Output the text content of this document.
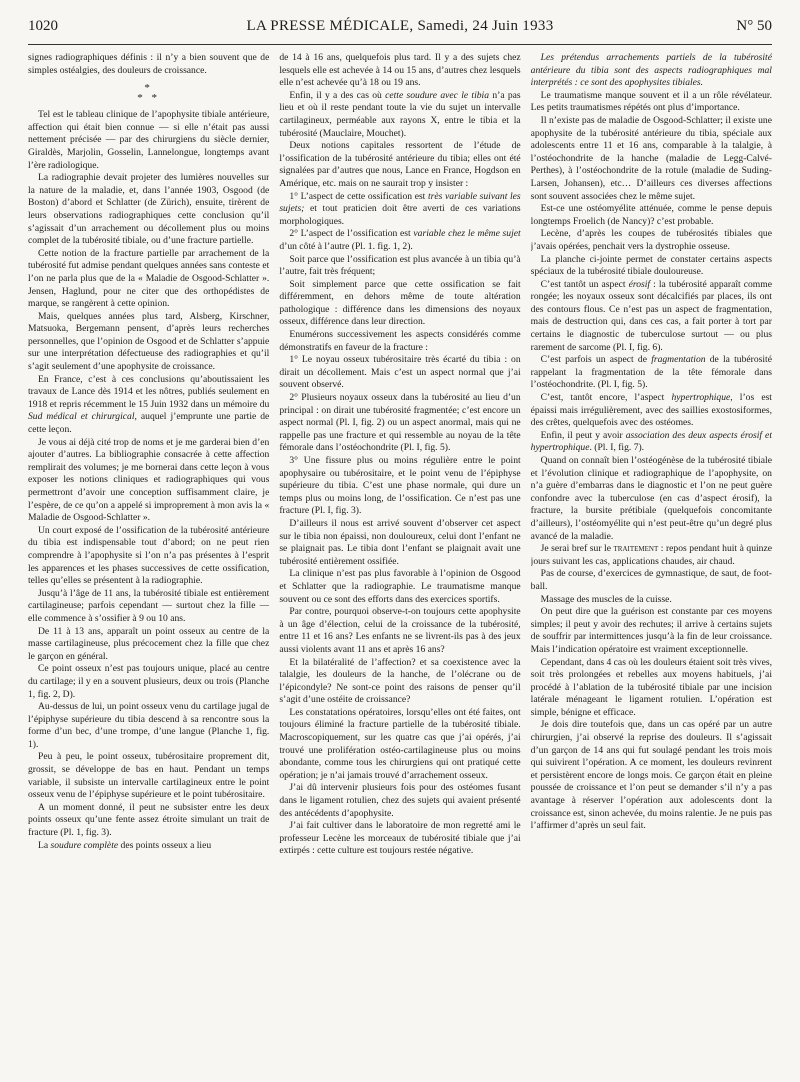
1020	LA PRESSE MÉDICALE, Samedi, 24 Juin 1933	N° 50

signes radiographiques définis : il n’y a bien souvent que de simples ostéalgies, des douleurs de croissance.

*
* *

Tel est le tableau clinique de l’apophysite tibiale antérieure, affection qui était bien connue — si elle n’était pas aussi nettement précisée — par des chirurgiens du siècle dernier, Giraldès, Marjolin, Gosselin, Lannelongue, longtemps avant l’ère radiologique.

La radiographie devait projeter des lumières nouvelles sur la nature de la maladie, et, dans l’année 1903, Osgood (de Boston) d’abord et Schlatter (de Zürich), ensuite, tirèrent de leurs observations radiographiques cette conclusion qu’il s’agissait d’un arrachement ou décollement plus ou moins complet de la tubérosité tibiale, ou d’une fracture partielle.

Cette notion de la fracture partielle par arrachement de la tubérosité fut admise pendant quelques années sans conteste et l’on ne parla plus que de la « Maladie de Osgood-Schlatter ». Jensen, Haglund, pour ne citer que des orthopédistes de marque, se rangèrent à cette opinion.

Mais, quelques années plus tard, Alsberg, Kirschner, Matsuoka, Bergemann pensent, d’après leurs recherches personnelles, que l’opinion de Osgood et de Schlatter s’appuie sur une interprétation défectueuse des radiographies et qu’il s’agit seulement d’une apophysite de croissance.

En France, c’est à ces conclusions qu’aboutissaient les travaux de Lance dès 1914 et les nôtres, publiés seulement en 1918 et repris récemment le 15 Juin 1932 dans un mémoire du Sud médical et chirurgical, auquel j’emprunte une partie de cette leçon.

Je vous ai déjà cité trop de noms et je me garderai bien d’en ajouter d’autres. La bibliographie consacrée à cette affection remplirait des volumes; je me bornerai dans cette leçon à vous exposer les notions cliniques et radiographiques qui vous permettront d’avoir une conception suffisamment claire, je l’espère, de ce qu’on a appelé si improprement à mon avis la « Maladie de Osgood-Schlatter ».

Un court exposé de l’ossification de la tubérosité antérieure du tibia est indispensable tout d’abord; on ne peut rien comprendre à l’apophysite si l’on n’a pas présentes à l’esprit les apparences et les phases successives de cette ossification, telles qu’elles se présentent à la radiographie.

Jusqu’à l’âge de 11 ans, la tubérosité tibiale est entièrement cartilagineuse; parfois cependant — surtout chez la fille — elle commence à s’ossifier à 9 ou 10 ans.

De 11 à 13 ans, apparaît un point osseux au centre de la masse cartilagineuse, plus précocement chez la fille que chez le garçon en général.

Ce point osseux n’est pas toujours unique, placé au centre du cartilage; il y en a souvent plusieurs, deux ou trois (Planche 1, fig. 2, D).

Au-dessus de lui, un point osseux venu du cartilage jugal de l’épiphyse supérieure du tibia descend à sa rencontre sous la forme d’un bec, d’une trompe, d’une langue (Planche 1, fig. 1).

Peu à peu, le point osseux, tubérositaire proprement dit, grossit, se développe de bas en haut. Pendant un temps variable, il subsiste un intervalle cartilagineux entre le point osseux venu de l’épiphyse supérieure et le point tubérositaire.

A un moment donné, il peut ne subsister entre les deux points osseux qu’une fente assez étroite simulant un trait de fracture (Pl. 1, fig. 3).

La soudure complète des points osseux a lieu

de 14 à 16 ans, quelquefois plus tard. Il y a des sujets chez lesquels elle est achevée à 14 ou 15 ans, d’autres chez lesquels elle n’est achevée qu’à 18 ou 19 ans.

Enfin, il y a des cas où cette soudure avec le tibia n’a pas lieu et où il reste pendant toute la vie du sujet un intervalle cartilagineux, perméable aux rayons X, entre le tibia et la tubérosité (Mauclaire, Mouchet).

Deux notions capitales ressortent de l’étude de l’ossification de la tubérosité antérieure du tibia; elles ont été signalées par d’autres que nous, Lance en France, Hogdson en Amérique, etc. mais on ne saurait trop y insister :

1° L’aspect de cette ossification est très variable suivant les sujets; et tout praticien doit être averti de ces variations morphologiques.

2° L’aspect de l’ossification est variable chez le même sujet d’un côté à l’autre (Pl. 1. fig. 1, 2).

Soit parce que l’ossification est plus avancée à un tibia qu’à l’autre, fait très fréquent;

Soit simplement parce que cette ossification se fait différemment, en dehors même de toute altération pathologique : différence dans les dimensions des noyaux osseux, différence dans leur direction.

Enumérons successivement les aspects considérés comme démonstratifs en faveur de la fracture :

1° Le noyau osseux tubérositaire très écarté du tibia : on dirait un décollement. Mais c’est un aspect normal que j’ai souvent observé.

2° Plusieurs noyaux osseux dans la tubérosité au lieu d’un principal : on dirait une tubérosité fragmentée; c’est encore un aspect normal (Pl. I, fig. 2) ou un aspect anormal, mais qui ne rappelle pas une fracture et qui ressemble au noyau de la tête fémorale dans l’ostéochondrite (Pl. I, fig. 5).

3° Une fissure plus ou moins régulière entre le point apophysaire ou tubérositaire, et le point venu de l’épiphyse supérieure du tibia. C’est une phase normale, qui dure un temps plus ou moins long, de l’ossification. Ce n’est pas une fracture (Pl. I, fig. 3).

D’ailleurs il nous est arrivé souvent d’observer cet aspect sur le tibia non épaissi, non douloureux, celui dont l’enfant ne se plaignait pas. Le tibia dont l’enfant se plaignait avait une tubérosité entièrement ossifiée.

La clinique n’est pas plus favorable à l’opinion de Osgood et Schlatter que la radiographie. Le traumatisme manque souvent ou ce sont des efforts dans des exercices sportifs.

Par contre, pourquoi observe-t-on toujours cette apophysite à un âge d’élection, celui de la croissance de la tubérosité, entre 11 et 16 ans? Les enfants ne se livrent-ils pas à des jeux aussi violents avant 11 ans et après 16 ans?

Et la bilatéralité de l’affection? et sa coexistence avec la talalgie, les douleurs de la hanche, de l’olécrane ou de l’épicondyle? Ne sont-ce point des raisons de penser qu’il s’agit d’une ostéite de croissance?

Les constatations opératoires, lorsqu’elles ont été faites, ont toujours éliminé la fracture partielle de la tubérosité tibiale. Macroscopiquement, sur les quatre cas que j’ai opérés, j’ai trouvé une prolifération ostéo-cartilagineuse plus ou moins abondante, comme tous les chirurgiens qui ont pratiqué cette opération; je n’ai jamais trouvé d’arrachement osseux.

J’ai dû intervenir plusieurs fois pour des ostéomes fusant dans le ligament rotulien, chez des sujets qui avaient présenté des antécédents d’apophysite.

J’ai fait cultiver dans le laboratoire de mon regretté ami le professeur Lecène les morceaux de tubérosité tibiale que j’ai extirpés : cette culture est toujours restée négative.

Les prétendus arrachements partiels de la tubérosité antérieure du tibia sont des aspects radiographiques mal interprétés : ce sont des apophysites tibiales.

Le traumatisme manque souvent et il a un rôle révélateur. Les petits traumatismes répétés ont plus d’importance.

Il n’existe pas de maladie de Osgood-Schlatter; il existe une apophysite de la tubérosité antérieure du tibia, spéciale aux adolescents entre 11 et 16 ans, comparable à la talalgie, à l’ostéochondrite de la hanche (maladie de Legg-Calvé-Perthes), à l’ostéochondrite de la rotule (maladie de Suding-Larsen, Johansen), etc… D’ailleurs ces diverses affections sont souvent associées chez le même sujet.

Est-ce une ostéomyélite atténuée, comme le pense depuis longtemps Froelich (de Nancy)? c’est probable.

Lecène, d’après les coupes de tubérosités tibiales que j’avais opérées, penchait vers la dystrophie osseuse.

La planche ci-jointe permet de constater certains aspects spéciaux de la tubérosité tibiale douloureuse.

C’est tantôt un aspect érosif : la tubérosité apparaît comme rongée; les noyaux osseux sont décalcifiés par places, ils ont des contours flous. Ce n’est pas un aspect de fragmentation, mais de destruction qui, dans ces cas, a fait porter à tort par certains le diagnostic de tuberculose surtout — ou plus rarement de sarcome (Pl. I, fig. 6).

C’est parfois un aspect de fragmentation de la tubérosité rappelant la fragmentation de la tête fémorale dans l’ostéochondrite. (Pl. I, fig. 5).

C’est, tantôt encore, l’aspect hypertrophique, l’os est épaissi mais irrégulièrement, avec des saillies exostosiformes, des crêtes, quelquefois avec des ostéomes.

Enfin, il peut y avoir association des deux aspects érosif et hypertrophique. (Pl. I, fig. 7).

Quand on connaît bien l’ostéogénèse de la tubérosité tibiale et l’évolution clinique et radiographique de l’apophysite, on n’a guère d’embarras dans le diagnostic et l’on ne peut guère confondre avec la tuberculose (en cas d’aspect érosif), la fracture, la bursite prétibiale (quelquefois concomitante d’ailleurs), l’ostéomyélite qui n’est peut-être qu’un degré plus avancé de la maladie.

Je serai bref sur le traitement : repos pendant huit à quinze jours suivant les cas, applications chaudes, air chaud.

Pas de course, d’exercices de gymnastique, de saut, de foot-ball.

Massage des muscles de la cuisse.

On peut dire que la guérison est constante par ces moyens simples; il peut y avoir des rechutes; il arrive à certains sujets de souffrir par intermittences jusqu’à la fin de leur croissance. Mais l’indication opératoire est vraiment exceptionnelle.

Cependant, dans 4 cas où les douleurs étaient soit très vives, soit très prolongées et rebelles aux moyens habituels, j’ai procédé à l’ablation de la tubérosité tibiale par une incision latérale ménageant le ligament rotulien. L’opération est simple, bénigne et efficace.

Je dois dire toutefois que, dans un cas opéré par un autre chirurgien, j’ai observé la reprise des douleurs. Il s’agissait d’un garçon de 14 ans qui fut soulagé pendant les trois mois qui suivirent l’opération. A ce moment, les douleurs revinrent et persistèrent encore de longs mois. Ce garçon était en pleine poussée de croissance et l’on peut se demander s’il n’y a pas avantage à réserver l’opération aux adolescents dont la croissance est, sinon achevée, du moins ralentie. Je ne puis pas l’affirmer d’après un seul fait.
